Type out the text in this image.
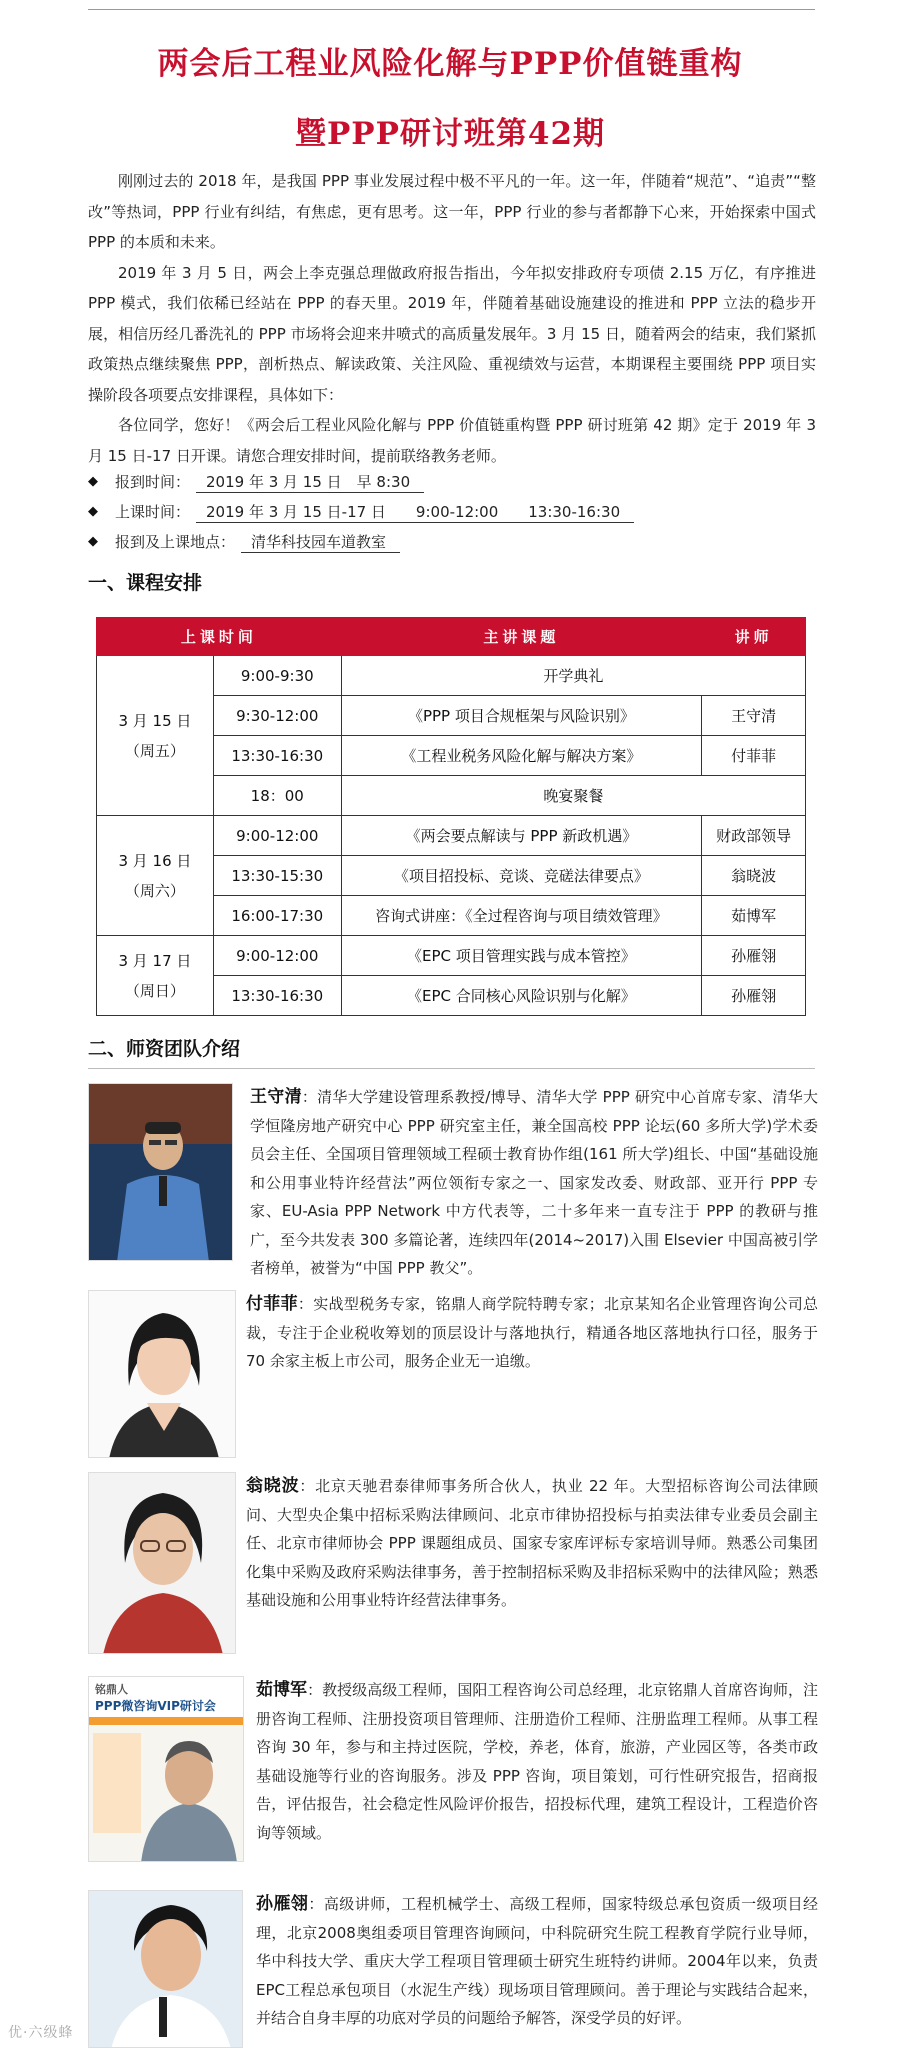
两会后工程业风险化解与PPP价值链重构
暨PPP研讨班第42期

刚刚过去的 2018 年，是我国 PPP 事业发展过程中极不平凡的一年。这一年，伴随着“规范”、“追责”“整改”等热词，PPP 行业有纠结，有焦虑，更有思考。这一年，PPP 行业的参与者都静下心来，开始探索中国式 PPP 的本质和未来。

2019 年 3 月 5 日，两会上李克强总理做政府报告指出，今年拟安排政府专项债 2.15 万亿，有序推进 PPP 模式，我们依稀已经站在 PPP 的春天里。2019 年，伴随着基础设施建设的推进和 PPP 立法的稳步开展，相信历经几番洗礼的 PPP 市场将会迎来井喷式的高质量发展年。3 月 15 日，随着两会的结束，我们紧抓政策热点继续聚焦 PPP，剖析热点、解读政策、关注风险、重视绩效与运营，本期课程主要围绕 PPP 项目实操阶段各项要点安排课程，具体如下：

各位同学，您好！《两会后工程业风险化解与 PPP 价值链重构暨 PPP 研讨班第 42 期》定于 2019 年 3 月 15 日-17 日开课。请您合理安排时间，提前联络教务老师。

◆	报到时间：	2019 年 3 月 15 日　早 8:30
◆	上课时间：	2019 年 3 月 15 日-17 日　　9:00-12:00　　13:30-16:30
◆	报到及上课地点：	清华科技园车道教室
一、课程安排
上课时间		主讲课题	讲师

3 月 15 日
（周五）	9:00-9:30	开学典礼	
	9:30-12:00	《PPP 项目合规框架与风险识别》	王守清
	13:30-16:30	《工程业税务风险化解与解决方案》	付菲菲
	18：00	晚宴聚餐	

3 月 16 日
（周六）	9:00-12:00	《两会要点解读与 PPP 新政机遇》	财政部领导
	13:30-15:30	《项目招投标、竞谈、竞磋法律要点》	翁晓波
	16:00-17:30	咨询式讲座：《全过程咨询与项目绩效管理》	茹博军

3 月 17 日
（周日）	9:00-12:00	《EPC 项目管理实践与成本管控》	孙雁翎
	13:30-16:30	《EPC 合同核心风险识别与化解》	孙雁翎
二、师资团队介绍
王守清：清华大学建设管理系教授/博导、清华大学 PPP 研究中心首席专家、清华大学恒隆房地产研究中心 PPP 研究室主任，兼全国高校 PPP 论坛(60 多所大学)学术委员会主任、全国项目管理领域工程硕士教育协作组(161 所大学)组长、中国“基础设施和公用事业特许经营法”两位领衔专家之一、国家发改委、财政部、亚开行 PPP 专家、EU-Asia PPP Network 中方代表等，二十多年来一直专注于 PPP 的教研与推广，至今共发表 300 多篇论著，连续四年(2014~2017)入围 Elsevier 中国高被引学者榜单，被誉为“中国 PPP 教父”。
付菲菲：实战型税务专家，铭鼎人商学院特聘专家；北京某知名企业管理咨询公司总裁，专注于企业税收筹划的顶层设计与落地执行，精通各地区落地执行口径，服务于 70 余家主板上市公司，服务企业无一追缴。
翁晓波：北京天驰君泰律师事务所合伙人，执业 22 年。大型招标咨询公司法律顾问、大型央企集中招标采购法律顾问、北京市律协招投标与拍卖法律专业委员会副主任、北京市律师协会 PPP 课题组成员、国家专家库评标专家培训导师。熟悉公司集团化集中采购及政府采购法律事务，善于控制招标采购及非招标采购中的法律风险；熟悉基础设施和公用事业特许经营法律事务。
铭鼎人
PPP微咨询VIP研讨会
茹博军：教授级高级工程师，国阳工程咨询公司总经理，北京铭鼎人首席咨询师，注册咨询工程师、注册投资项目管理师、注册造价工程师、注册监理工程师。从事工程咨询 30 年，参与和主持过医院，学校，养老，体育，旅游，产业园区等，各类市政基础设施等行业的咨询服务。涉及 PPP 咨询，项目策划，可行性研究报告，招商报告，评估报告，社会稳定性风险评价报告，招投标代理，建筑工程设计，工程造价咨询等领域。
孙雁翎：高级讲师，工程机械学士、高级工程师，国家特级总承包资质一级项目经理，北京2008奥组委项目管理咨询顾问，中科院研究生院工程教育学院行业导师，华中科技大学、重庆大学工程项目管理硕士研究生班特约讲师。2004年以来，负责EPC工程总承包项目（水泥生产线）现场项目管理顾问。善于理论与实践结合起来，并结合自身丰厚的功底对学员的问题给予解答，深受学员的好评。
优·六级蜂
